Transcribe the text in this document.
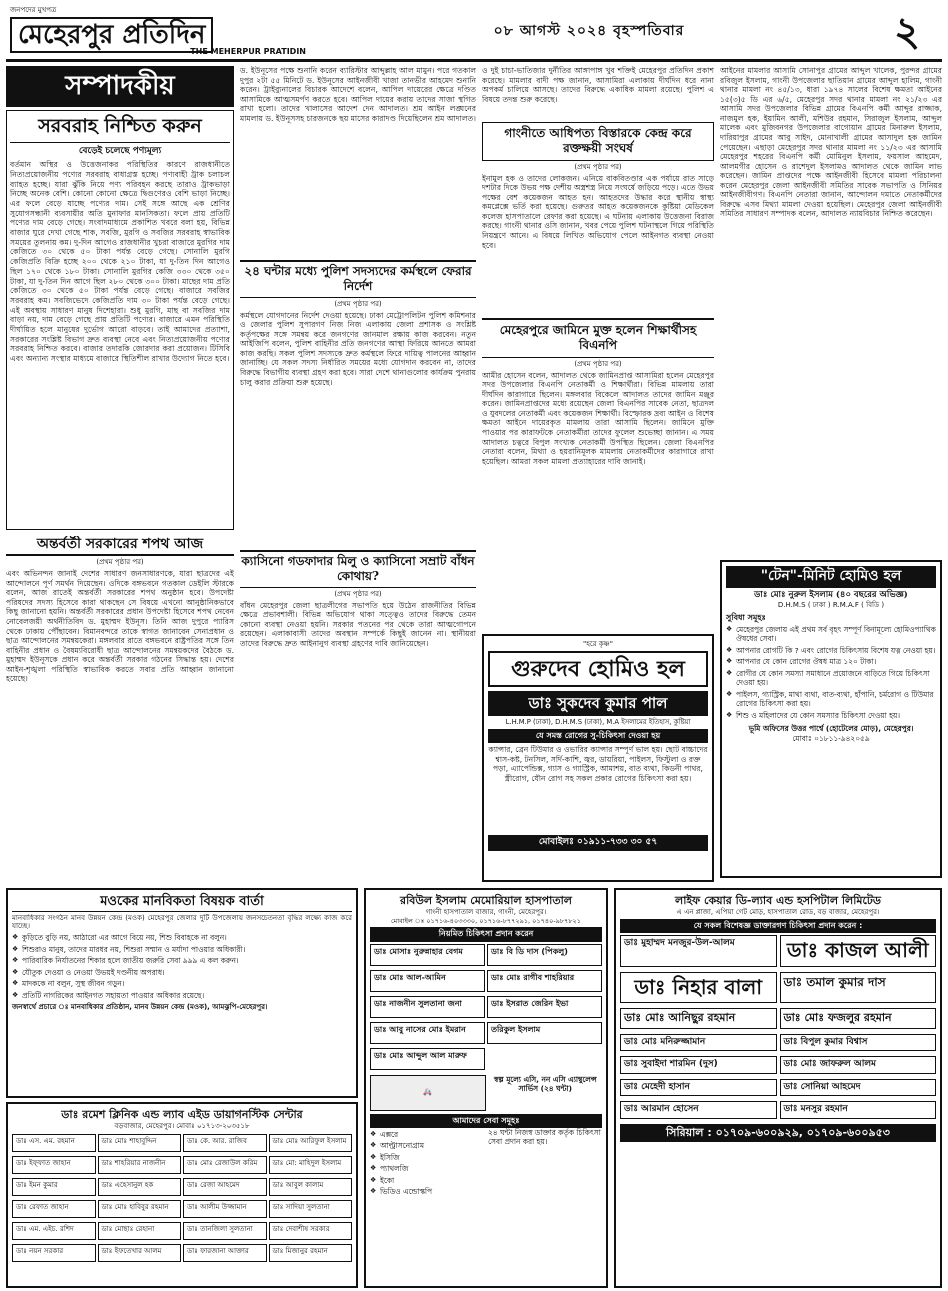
জনপদের মুখপত্র
মেহেরপুর প্রতিদিন
THE MEHERPUR PRATIDIN
০৮ আগস্ট ২০২৪ বৃহস্পতিবার	২
সম্পাদকীয়
সরবরাহ নিশ্চিত করুন
বেড়েই চলেছে পণ্যমূল্য
বর্তমান অস্থির ও উত্তেজনাকর পরিস্থিতির কারণে রাজধানীতে নিত্যপ্রয়োজনীয় পণ্যের সরবরাহ বাধাগ্রস্ত হচ্ছে। পণ্যবাহী ট্রাক চলাচল ব্যাহত হচ্ছে। যারা ঝুঁকি নিয়ে পণ্য পরিবহন করছে তারাও ট্রাকভাড়া নিচ্ছে অনেক বেশি। কোনো কোনো ক্ষেত্রে দ্বিগুণেরও বেশি ভাড়া নিচ্ছে। এর ফলে বেড়ে যাচ্ছে পণ্যের দাম। সেই সঙ্গে আছে এক শ্রেণির সুযোগসন্ধানী ব্যবসায়ীর অতি মুনাফার মানসিকতা। ফলে প্রায় প্রতিটি পণ্যের দাম বেড়ে গেছে। সংবাদমাধ্যমে প্রকাশিত খবরে বলা হয়, বিভিন্ন বাজার ঘুরে দেখা গেছে শাক, সবজি, মুরগি ও সবজির সরবরাহ স্বাভাবিক সময়ের তুলনায় কম। দু-দিন আগেও রাজধানীর খুচরা বাজারে মুরগির দাম কেজিতে ৩০ থেকে ৫০ টাকা পর্যন্ত বেড়ে গেছে। সোনালি মুরগি কেজিপ্রতি বিক্রি হচ্ছে ২০০ থেকে ২১০ টাকা, যা দু-তিন দিন আগেও ছিল ১৭০ থেকে ১৮০ টাকা। সোনালি মুরগির কেজি ৩৩০ থেকে ৩৫০ টাকা, যা দু-তিন দিন আগে ছিল ২৮০ থেকে ৩০০ টাকা। মাছের দাম প্রতি কেজিতে ৩০ থেকে ৫০ টাকা পর্যন্ত বেড়ে গেছে। বাজারে সবজির সরবরাহ কম। সবজিভেদে কেজিপ্রতি দাম ৩০ টাকা পর্যন্ত বেড়ে গেছে। এই অবস্থায় সাধারণ মানুষ দিশেহারা। শুধু মুরগি, মাছ বা সবজির দাম বাড়া নয়, দাম বেড়ে গেছে প্রায় প্রতিটি পণ্যের। বাজারে এমন পরিস্থিতি দীর্ঘায়িত হলে মানুষের দুর্ভোগ আরো বাড়বে। তাই আমাদের প্রত্যাশা, সরকারের সংশ্লিষ্ট বিভাগ দ্রুত ব্যবস্থা নেবে এবং নিত্যপ্রয়োজনীয় পণ্যের সরবরাহ নিশ্চিত করবে। বাজার তদারকি জোরদার করা প্রয়োজন। টিসিবি এবং অন্যান্য সংস্থার মাধ্যমে বাজারে স্থিতিশীল রাখার উদ্যোগ নিতে হবে।
অন্তর্বর্তী সরকারের শপথ আজ
(প্রথম পৃষ্ঠার পর)
এবং অভিনন্দন জানাই দেশের সাধারণ জনসাধারণকে, যারা ছাত্রদের এই আন্দোলনে পূর্ণ সমর্থন দিয়েছেন। ওদিকে বঙ্গভবনে গতকাল ডেইলি স্টারকে বলেন, আজ রাতেই অন্তর্বর্তী সরকারের শপথ অনুষ্ঠান হবে। উপদেষ্টা পরিষদের সদস্য হিসেবে কারা থাকছেন সে বিষয়ে এখনো আনুষ্ঠানিকভাবে কিছু জানানো হয়নি। অন্তর্বর্তী সরকারের প্রধান উপদেষ্টা হিসেবে শপথ নেবেন নোবেলজয়ী অর্থনীতিবিদ ড. মুহাম্মদ ইউনূস। তিনি আজ দুপুরে প্যারিস থেকে ঢাকায় পৌঁছাবেন। বিমানবন্দরে তাকে স্বাগত জানাবেন সেনাপ্রধান ও ছাত্র আন্দোলনের সমন্বয়কেরা। মঙ্গলবার রাতে বঙ্গভবনে রাষ্ট্রপতির সঙ্গে তিন বাহিনীর প্রধান ও বৈষম্যবিরোধী ছাত্র আন্দোলনের সমন্বয়কদের বৈঠকে ড. মুহাম্মদ ইউনূসকে প্রধান করে অন্তর্বর্তী সরকার গঠনের সিদ্ধান্ত হয়। দেশের আইন-শৃঙ্খলা পরিস্থিতি স্বাভাবিক করতে সবার প্রতি আহ্বান জানানো হয়েছে।
ড. ইউনূসের পক্ষে শুনানি করেন ব্যারিস্টার আব্দুল্লাহ আল মামুন। পরে গতকাল দুপুর ২টা ৫৫ মিনিটে ড. ইউনূসের আইনজীবী খাজা তানভীর আহমেদ শুনানি করেন। ট্রাইব্যুনালের বিচারক আদেশে বলেন, আপিল দায়েরের ক্ষেত্রে দণ্ডিত আসামিকে আত্মসমর্পণ করতে হবে। আপিল দায়ের করায় তাদের সাজা স্থগিত রাখা হলো। তাদের খালাসের আদেশ দেন আদালত। শ্রম আইন লঙ্ঘনের মামলায় ড. ইউনূসসহ চারজনকে ছয় মাসের কারাদণ্ড দিয়েছিলেন শ্রম আদালত।
২৪ ঘন্টার মধ্যে পুলিশ সদস্যদের কর্মস্থলে ফেরার নির্দেশ
(প্রথম পৃষ্ঠার পর)
কর্মস্থলে যোগদানের নির্দেশ দেওয়া হয়েছে। ঢাকা মেট্রোপলিটন পুলিশ কমিশনার ও জেলার পুলিশ সুপারগণ নিজ নিজ এলাকায় জেলা প্রশাসক ও সংশ্লিষ্ট কর্তৃপক্ষের সঙ্গে সমন্বয় করে জনগণের জানমাল রক্ষায় কাজ করবেন। নতুন আইজিপি বলেন, পুলিশ বাহিনীর প্রতি জনগণের আস্থা ফিরিয়ে আনতে আমরা কাজ করছি। সকল পুলিশ সদস্যকে দ্রুত কর্মস্থলে ফিরে দায়িত্ব পালনের আহ্বান জানাচ্ছি। যে সকল সদস্য নির্ধারিত সময়ের মধ্যে যোগদান করবেন না, তাদের বিরুদ্ধে বিভাগীয় ব্যবস্থা গ্রহণ করা হবে। সারা দেশে থানাগুলোর কার্যক্রম পুনরায় চালু করার প্রক্রিয়া শুরু হয়েছে।
ক্যাসিনো গডফাদার মিলু ও ক্যাসিনো সম্রাট বাঁধন কোথায়?
(প্রথম পৃষ্ঠার পর)
বাঁধন মেহেরপুর জেলা ছাত্রলীগের সভাপতি হয়ে উঠেন রাজনীতির বিভিন্ন ক্ষেত্রে প্রভাবশালী। বিভিন্ন অভিযোগ থাকা সত্ত্বেও তাদের বিরুদ্ধে তেমন কোনো ব্যবস্থা নেওয়া হয়নি। সরকার পতনের পর থেকে তারা আত্মগোপনে রয়েছেন। এলাকাবাসী তাদের অবস্থান সম্পর্কে কিছুই জানেন না। স্থানীয়রা তাদের বিরুদ্ধে দ্রুত আইনানুগ ব্যবস্থা গ্রহণের দাবি জানিয়েছেন।
ও দুই চাচা-ভাতিজার দুর্নীতির আঙ্গাপাঙ্গ খুব শক্তিই মেহেরপুর প্রতিদিন প্রকাশ করেছে। মামলার বাদী পক্ষ জানান, আসামিরা এলাকায় দীর্ঘদিন ধরে নানা অপকর্ম চালিয়ে আসছে। তাদের বিরুদ্ধে একাধিক মামলা রয়েছে। পুলিশ এ বিষয়ে তদন্ত শুরু করেছে।
গাংনীতে আধিপত্য বিস্তারকে কেন্দ্র করে রক্তক্ষয়ী সংঘর্ষ
(প্রথম পৃষ্ঠার পর)
ইনামুল হক ও তাদের লোকজন। এনিয়ে বাকবিতণ্ডার এক পর্যায়ে রাত সাড়ে দশটার দিকে উভয় পক্ষ দেশীয় অস্ত্রশস্ত্র নিয়ে সংঘর্ষে জড়িয়ে পড়ে। এতে উভয় পক্ষের বেশ কয়েকজন আহত হন। আহতদের উদ্ধার করে স্থানীয় স্বাস্থ্য কমপ্লেক্সে ভর্তি করা হয়েছে। গুরুতর আহত কয়েকজনকে কুষ্টিয়া মেডিকেল কলেজ হাসপাতালে রেফার করা হয়েছে। এ ঘটনায় এলাকায় উত্তেজনা বিরাজ করছে। গাংনী থানার ওসি জানান, খবর পেয়ে পুলিশ ঘটনাস্থলে গিয়ে পরিস্থিতি নিয়ন্ত্রণে আনে। এ বিষয়ে লিখিত অভিযোগ পেলে আইনগত ব্যবস্থা নেওয়া হবে।
মেহেরপুরে জামিনে মুক্ত হলেন শিক্ষার্থীসহ বিএনপি
(প্রথম পৃষ্ঠার পর)
আমীর হোসেন বলেন, আদালত থেকে জামিনপ্রাপ্ত আসামিরা হলেন মেহেরপুর সদর উপজেলার বিএনপি নেতাকর্মী ও শিক্ষার্থীরা। বিভিন্ন মামলায় তারা দীর্ঘদিন কারাগারে ছিলেন। মঙ্গলবার বিকেলে আদালত তাদের জামিন মঞ্জুর করেন। জামিনপ্রাপ্তদের মধ্যে রয়েছেন জেলা বিএনপির সাবেক নেতা, ছাত্রদল ও যুবদলের নেতাকর্মী এবং কয়েকজন শিক্ষার্থী। বিস্ফোরক দ্রব্য আইন ও বিশেষ ক্ষমতা আইনে দায়েরকৃত মামলায় তারা আসামি ছিলেন। জামিনে মুক্তি পাওয়ার পর কারাফটকে নেতাকর্মীরা তাদের ফুলেল শুভেচ্ছা জানান। এ সময় আদালত চত্বরে বিপুল সংখ্যক নেতাকর্মী উপস্থিত ছিলেন। জেলা বিএনপির নেতারা বলেন, মিথ্যা ও হয়রানিমূলক মামলায় নেতাকর্মীদের কারাগারে রাখা হয়েছিল। আমরা সকল মামলা প্রত্যাহারের দাবি জানাই।
"হরে কৃষ্ণ"
গুরুদেব হোমিও হল
ডাঃ সুকদেব কুমার পাল
L.H.M.P (ঢাকা), D.H.M.S (ঢাকা), M.A ইসলামের ইতিহাস, কুষ্টিয়া
যে সমস্ত রোগের সু-চিকিৎসা দেওয়া হয়
ক্যান্সার, ব্রেন টিউমার ও ওভারির ক্যান্সার সম্পূর্ণ ভাল হয়। ছোট বাচ্চাদের শ্বাস-কষ্ট, টনসিল, সর্দি-কাশি, জ্বর, ডায়রিয়া, পাইলস, ফিস্টুলা ও রক্ত পড়া, এ্যাপেন্ডিক্স, গ্যাস ও গ্যাস্ট্রিক, আমাশয়, বাত ব্যথা, কিডনী পাথর, স্ত্রীরোগ, যৌন রোগ সহ সকল প্রকার রোগের চিকিৎসা করা হয়।
মোবাইলঃ ০১৯১১-৭৩৩ ৩০ ৫৭
আইনের মামলার আসামি সোনাপুর গ্রামের আব্দুল খালেক, পুরন্দর গ্রামের রবিজুল ইসলাম, গাংনী উপজেলার ছাতিয়ান গ্রামের আব্দুল হালিম, গাংনী থানার মামলা নং ৪৫/১৩, ধারা ১৯৭৪ সালের বিশেষ ক্ষমতা আইনের ১৫(৩)৫ ডি এর ৬/৫, মেহেরপুর সদর থানার মামলা নং ২১/২৩ এর আসামি সদর উপজেলার বিভিন্ন গ্রামের বিএনপি কর্মী আব্দুর রাজ্জাক, নাজমুল হক, ইয়ামিন আলী, মশিউর রহমান, সিরাজুল ইসলাম, আব্দুল মালেক এবং মুজিবনগর উপজেলার বাগোয়ান গ্রামের মিনারুল ইসলাম, দারিয়াপুর গ্রামের আবু সাইদ, মোনাখালী গ্রামের আসাদুল হক জামিন পেয়েছেন। এছাড়া মেহেরপুর সদর থানার মামলা নং ১১/২৩ এর আসামি মেহেরপুর শহরের বিএনপি কর্মী মোমিনুল ইসলাম, ফয়সাল আহমেদ, আলমগীর হোসেন ও রাশেদুল ইসলামও আদালত থেকে জামিন লাভ করেছেন। জামিন প্রাপ্তদের পক্ষে আইনজীবী হিসেবে মামলা পরিচালনা করেন মেহেরপুর জেলা আইনজীবী সমিতির সাবেক সভাপতি ও সিনিয়র আইনজীবীগণ। বিএনপি নেতারা জানান, আন্দোলন দমাতে নেতাকর্মীদের বিরুদ্ধে এসব মিথ্যা মামলা দেওয়া হয়েছিল। মেহেরপুর জেলা আইনজীবী সমিতির সাধারণ সম্পাদক বলেন, আদালত ন্যায়বিচার নিশ্চিত করেছেন।
"টেন"-মিনিট হোমিও হল
ডাঃ মোঃ নুরুল ইসলাম (৪০ বছরের অভিজ্ঞ)
D.H.M.S ( ঢাকা ) R.M.A.F ( বিডি )
সুবিধা সমূহঃ
❖ মেহেরপুর জেলায় এই প্রথম সর্ব বৃহৎ সম্পূর্ণ বিনামূল্যে হোমিওপ্যাথিক ঔষধের সেবা।
❖ আপনার রোগটি কি ? এবং রোগের চিকিৎসায় বিশেষ যত্ন নেওয়া হয়।
❖ আপনার যে কোন রোগের ঔষধ মাত্র ১২০ টাকা।
❖ রোগীর যে কোন সমস্যা সমাধানে প্রয়োজনে বাড়িতে গিয়ে চিকিৎসা দেওয়া হয়।
❖ পাইলস, গ্যাস্ট্রিক, মাথা ব্যথা, বাত-ব্যথা, হাঁপানি, চর্মরোগ ও টিউমার রোগের চিকিৎসা করা হয়।
❖ শিশু ও মহিলাদের যে কোন সমস্যার চিকিৎসা দেওয়া হয়।
ভূমি অফিসের উত্তর পার্শ্বে (হোটেলের মোড়), মেহেরপুর।
মোবাঃ ০১৮১১-৯৪২০৫৯
মওকের মানবিকতা বিষয়ক বার্তা
মানবাধিকার সংগঠন মানব উন্নয়ন কেন্দ্র (মওক) মেহেরপুর জেলার দুটি উপজেলায় জনসচেতনতা বৃদ্ধির লক্ষ্যে কাজ করে যাচ্ছে।
❖ কুড়িতে বুড়ি নয়, আঠারো এর আগে বিয়ে নয়, শিশু বিবাহকে না বলুন।
❖ শিশুরাও মানুষ, তাদের মারধর নয়, শিশুরা সম্মান ও মর্যাদা পাওয়ার অধিকারী।
❖ পারিবারিক নির্যাতনের শিকার হলে জাতীয় জরুরি সেবা ৯৯৯ এ কল করুন।
❖ যৌতুক দেওয়া ও নেওয়া উভয়ই দণ্ডনীয় অপরাধ।
❖ মাদককে না বলুন, সুস্থ জীবন গড়ুন।
❖ প্রতিটি নাগরিকের আইনগত সহায়তা পাওয়ার অধিকার রয়েছে।
জনস্বার্থে প্রচারে ঃ মানবাধিকার প্রতিষ্ঠান, মানব উন্নয়ন কেন্দ্র (মওক), আমঝুপি-মেহেরপুর।
ডাঃ রমেশ ক্লিনিক এন্ড ল্যাব এইড ডায়াগনস্টিক সেন্টার
বড়বাজার, মেহেরপুর। মোবাঃ ০১৭১৩-২০৩৫১৮
ডাঃ এস. এম. রহমান	ডাঃ মোঃ শাহাবুদ্দিন	ডাঃ কে. আর. রাজিব	ডাঃ মোঃ আরিফুল ইসলাম
ডাঃ ইফ্ফাত জাহান	ডাঃ শাহরিয়ার নাজনীন	ডাঃ মোঃ রেজাউল করিম	ডাঃ মো: মাহিদুল ইসলাম
ডাঃ ইমন কুমার	ডাঃ এহেসানুল হক	ডাঃ রেজা আহমেদ	ডাঃ আবুল কালাম
ডাঃ রেফাত জাহান	ডাঃ মোঃ হাবিবুর রহমান	ডাঃ আলীম উজ্জামান	ডাঃ সাদিয়া সুলতানা
ডাঃ এম. এইচ. রশিদ	ডাঃ মোছাঃ রেহানা	ডাঃ তানজিলা সুলতানা	ডাঃ দেবাশীষ সরকার
ডাঃ নয়ন সরকার	ডাঃ ইফতেখার আলম	ডাঃ ফারজানা আক্তার	ডাঃ মিজানুর রহমান
রবিউল ইসলাম মেমোরিয়াল হাসপাতাল
গাংনী হাসপাতাল বাজার, গাংনী, মেহেরপুর।
মোবাইল ঃ ০১৭১৬-৪০৩৩৩০, ০১৭১৬-৮৭৭২৯১, ০১৭৪০-৯৮৭৮২১
নিয়মিত চিকিৎসা প্রদান করেন
ডাঃ মোসাঃ নুরুন্নাহার বেগম	ডাঃ বি ডি দাস (পিকলু)
ডাঃ মোঃ আল-আমিন	ডাঃ মোঃ রাগীব শাহরিয়ার
ডাঃ নাজনীন সুলতানা জনা	ডাঃ ইসরাত জেরিন ইভা
ডাঃ আবু নাসের মোঃ ইমরান	তরিকুল ইসলাম
ডাঃ মোঃ আব্দুল আল মারুফ
🚑
স্বল্প মূল্যে এসি, নন এসি এ্যাম্বুলেন্স সার্ভিস (২৪ ঘন্টা)
আমাদের সেবা সমূহঃ
❖ এক্সরে
❖ আল্ট্রাসনোগ্রাম
❖ ইসিজি
❖ প্যাথলজি
❖ ইকো
❖ ভিডিও এন্ডোস্কপি
২৪ ঘন্টা নিজস্ব ডাক্তার কর্তৃক চিকিৎসা সেবা প্রদান করা হয়।
লাইফ কেয়ার ডি-ল্যাব এন্ড হসপিটাল লিমিটেড
এ এন প্লাজা, এপিয়া গেট মোড়, হাসপাতাল রোড, বড় বাজার, মেহেরপুর।
যে সকল বিশেষজ্ঞ ডাক্তারগণ চিকিৎসা প্রদান করেন :
ডাঃ মুহাম্মদ মনজুর-উল-আলম	ডাঃ কাজল আলী
ডাঃ নিহার বালা	ডাঃ তমাল কুমার দাস
ডাঃ মোঃ আনিছুর রহমান	ডাঃ মোঃ ফজলুর রহমান
ডাঃ মোঃ মনিরুজ্জামান	ডাঃ বিপুল কুমার বিশ্বাস
ডাঃ সুবাইদা শারমিন (দুস)	ডাঃ মোঃ জাফরুল আলম
ডাঃ মেহেদী হাসান	ডাঃ সোনিয়া আহমেদ
ডাঃ আরমান হোসেন	ডাঃ মনসুর রহমান
সিরিয়াল : ০১৭০৯-৬০০৯২৯, ০১৭০৯-৬০০৯৫৩
